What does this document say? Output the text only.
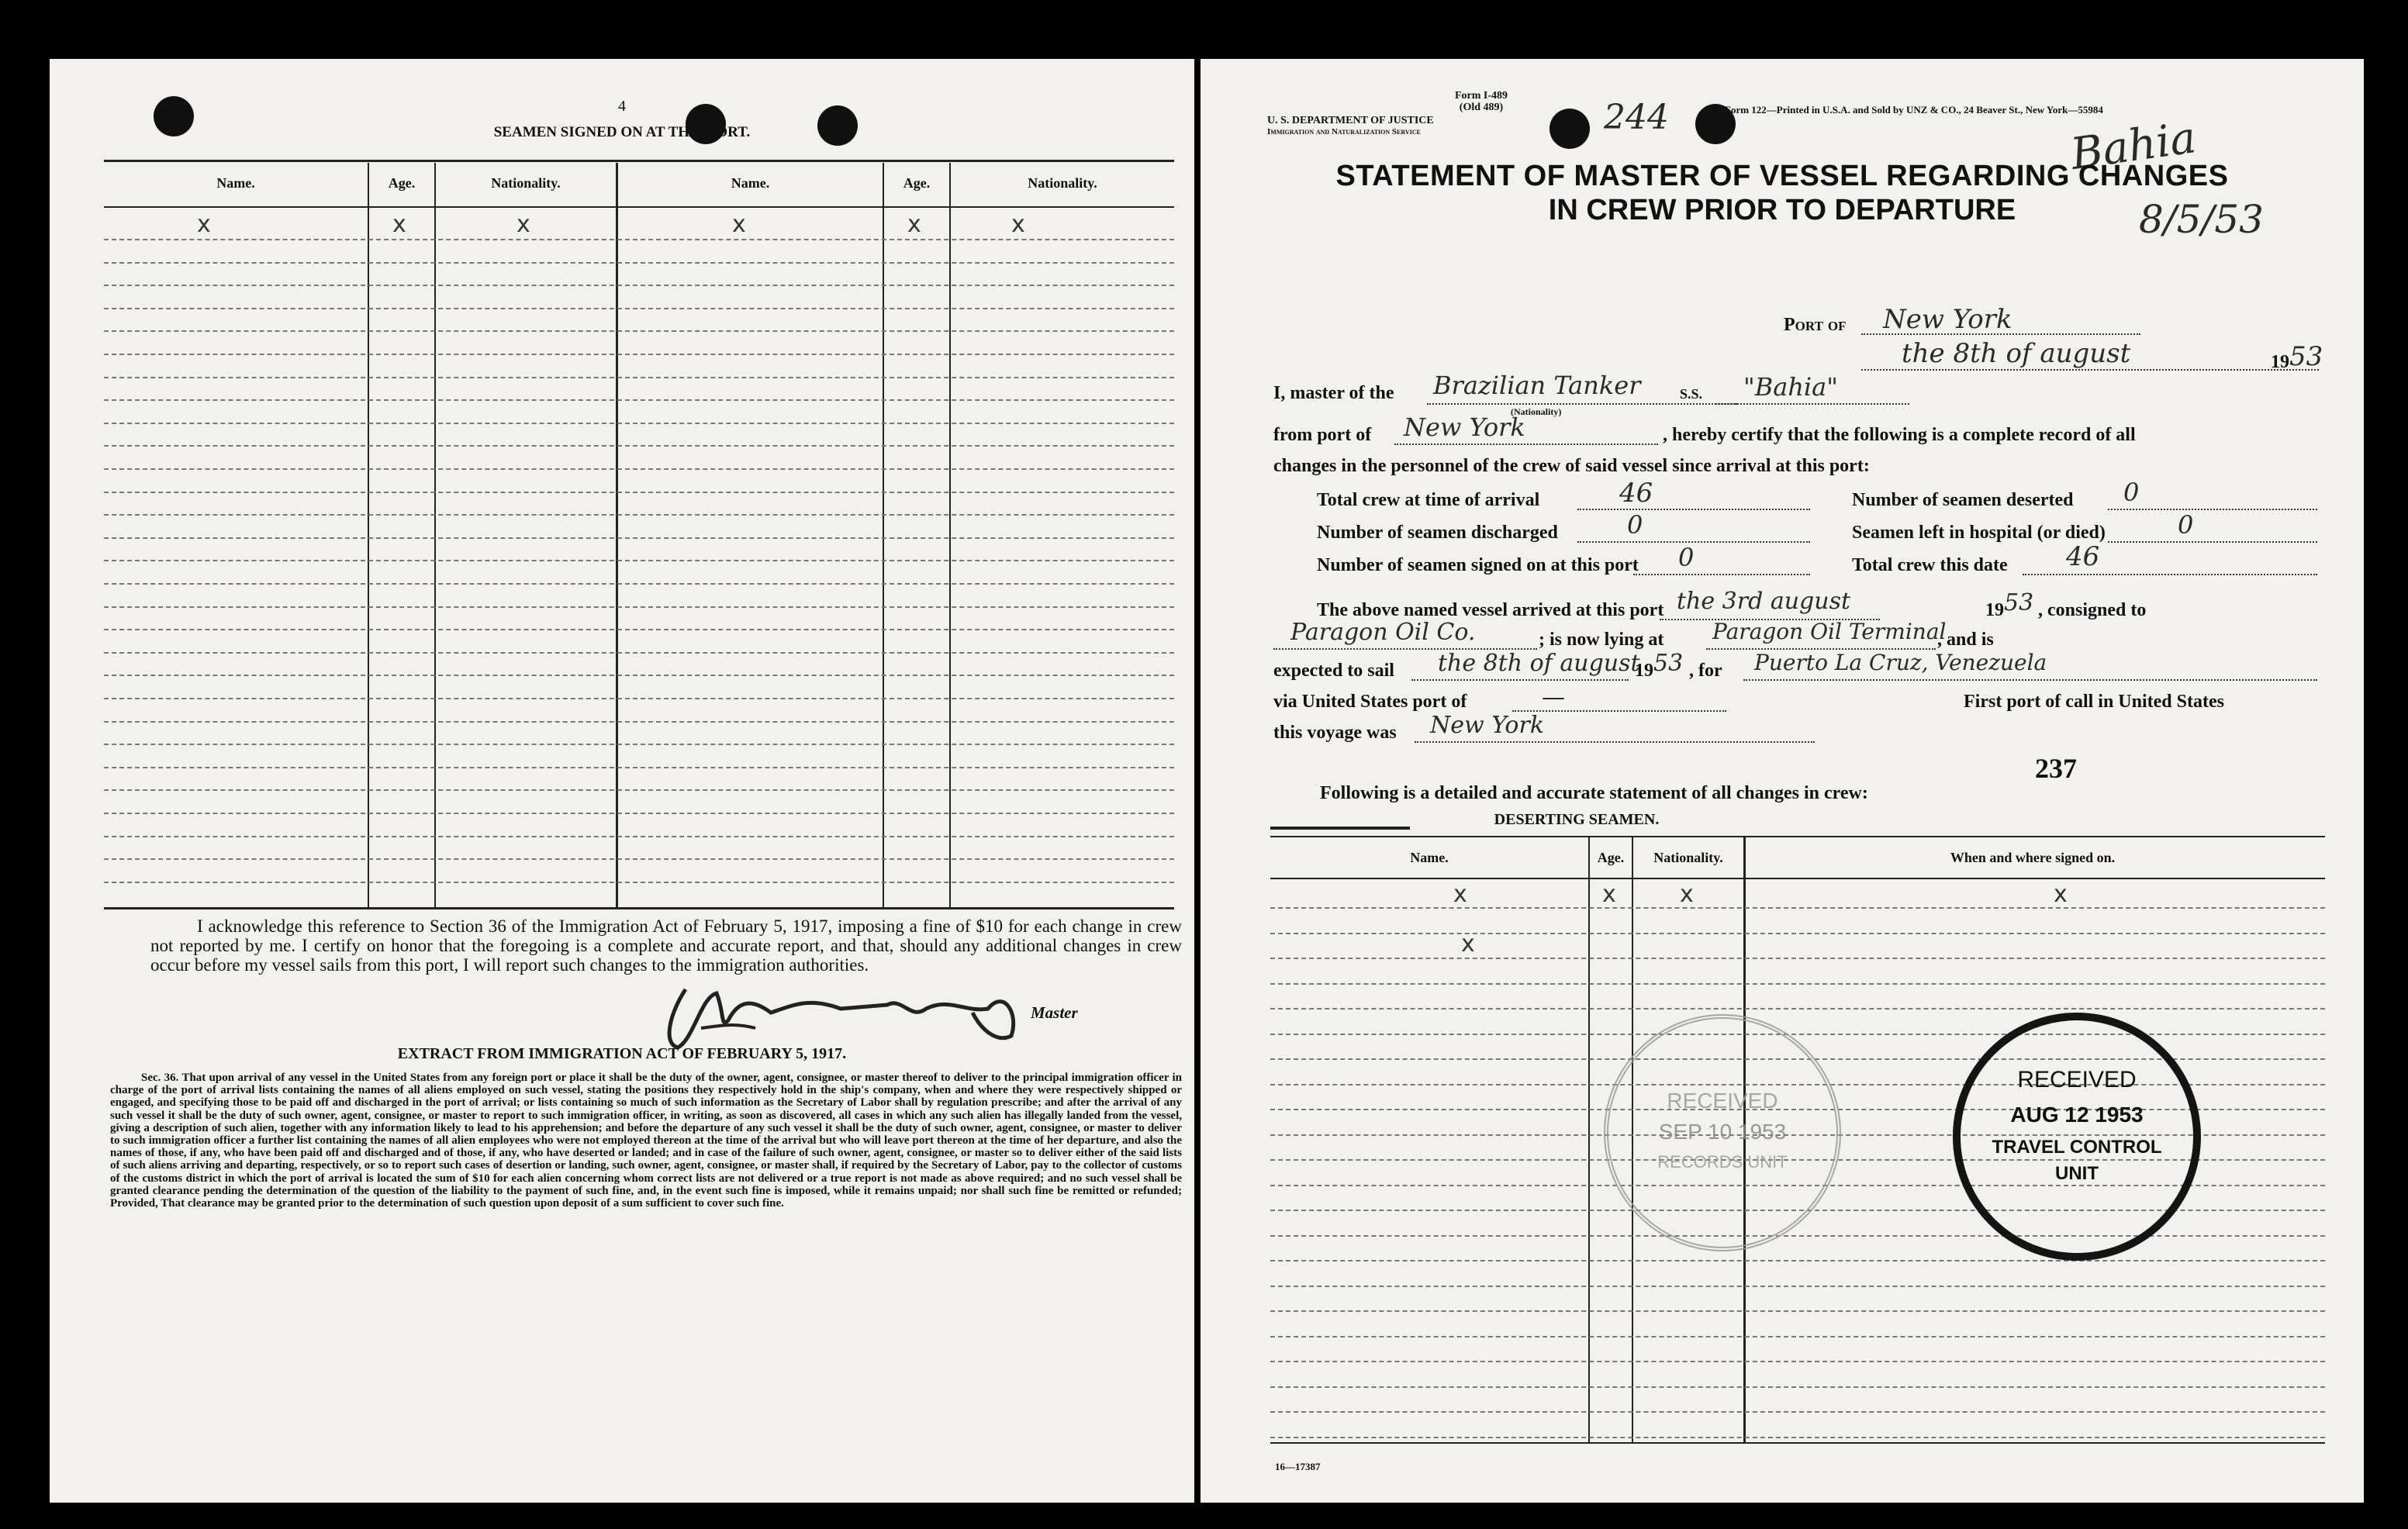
4
SEAMEN SIGNED ON AT THIS PORT.
Name.	Age.	Nationality.	Name.	Age.	Nationality.
x	x	x	x	x	x
I acknowledge this reference to Section 36 of the Immigration Act of February 5, 1917, imposing a fine of $10 for each change in crew not reported by me. I certify on honor that the foregoing is a complete and accurate report, and that, should any additional changes in crew occur before my vessel sails from this port, I will report such changes to the immigration authorities.
Master
EXTRACT FROM IMMIGRATION ACT OF FEBRUARY 5, 1917.
Sec. 36. That upon arrival of any vessel in the United States from any foreign port or place it shall be the duty of the owner, agent, consignee, or master thereof to deliver to the principal immigration officer in charge of the port of arrival lists containing the names of all aliens employed on such vessel, stating the positions they respectively hold in the ship's company, when and where they were respectively shipped or engaged, and specifying those to be paid off and discharged in the port of arrival; or lists containing so much of such information as the Secretary of Labor shall by regulation prescribe; and after the arrival of any such vessel it shall be the duty of such owner, agent, consignee, or master to report to such immigration officer, in writing, as soon as discovered, all cases in which any such alien has illegally landed from the vessel, giving a description of such alien, together with any information likely to lead to his apprehension; and before the departure of any such vessel it shall be the duty of such owner, agent, consignee, or master to deliver to such immigration officer a further list containing the names of all alien employees who were not employed thereon at the time of the arrival but who will leave port thereon at the time of her departure, and also the names of those, if any, who have been paid off and discharged and of those, if any, who have deserted or landed; and in case of the failure of such owner, agent, consignee, or master so to deliver either of the said lists of such aliens arriving and departing, respectively, or so to report such cases of desertion or landing, such owner, agent, consignee, or master shall, if required by the Secretary of Labor, pay to the collector of customs of the customs district in which the port of arrival is located the sum of $10 for each alien concerning whom correct lists are not delivered or a true report is not made as above required; and no such vessel shall be granted clearance pending the determination of the question of the liability to the payment of such fine, and, in the event such fine is imposed, while it remains unpaid; nor shall such fine be remitted or refunded; Provided, That clearance may be granted prior to the determination of such question upon deposit of a sum sufficient to cover such fine.
Form I-489
(Old 489)
U. S. DEPARTMENT OF JUSTICE
Immigration and Naturalization Service
Form 122—Printed in U.S.A. and Sold by UNZ & CO., 24 Beaver St., New York—55984
244	Bahia
8/5/53
STATEMENT OF MASTER OF VESSEL REGARDING CHANGES
IN CREW PRIOR TO DEPARTURE
Port of New York
the 8th of august	19 53
I, master of the Brazilian Tanker
(Nationality)
S.S. "Bahia"
from port of New York	, hereby certify that the following is a complete record of all
changes in the personnel of the crew of said vessel since arrival at this port:
Total crew at time of arrival	46	Number of seamen deserted 0
Number of seamen discharged	0	Seamen left in hospital (or died)	0
Number of seamen signed on at this port 0	Total crew this date 46
The above named vessel arrived at this port the 3rd august	19 53 , consigned to
Paragon Oil Co.	; is now lying at Paragon Oil Terminal
, and is
expected to sail the 8th of august
19 53 , for Puerto La Cruz, Venezuela
via United States port of	—	First port of call in United States
this voyage was New York
237
Following is a detailed and accurate statement of all changes in crew:
DESERTING SEAMEN.
Name.	Age.	Nationality.	When and where signed on.
x	x	x	x
x
RECEIVED
SEP 10 1953
RECORDS UNIT
RECEIVED
AUG 12 1953
TRAVEL CONTROL
UNIT
16—17387
